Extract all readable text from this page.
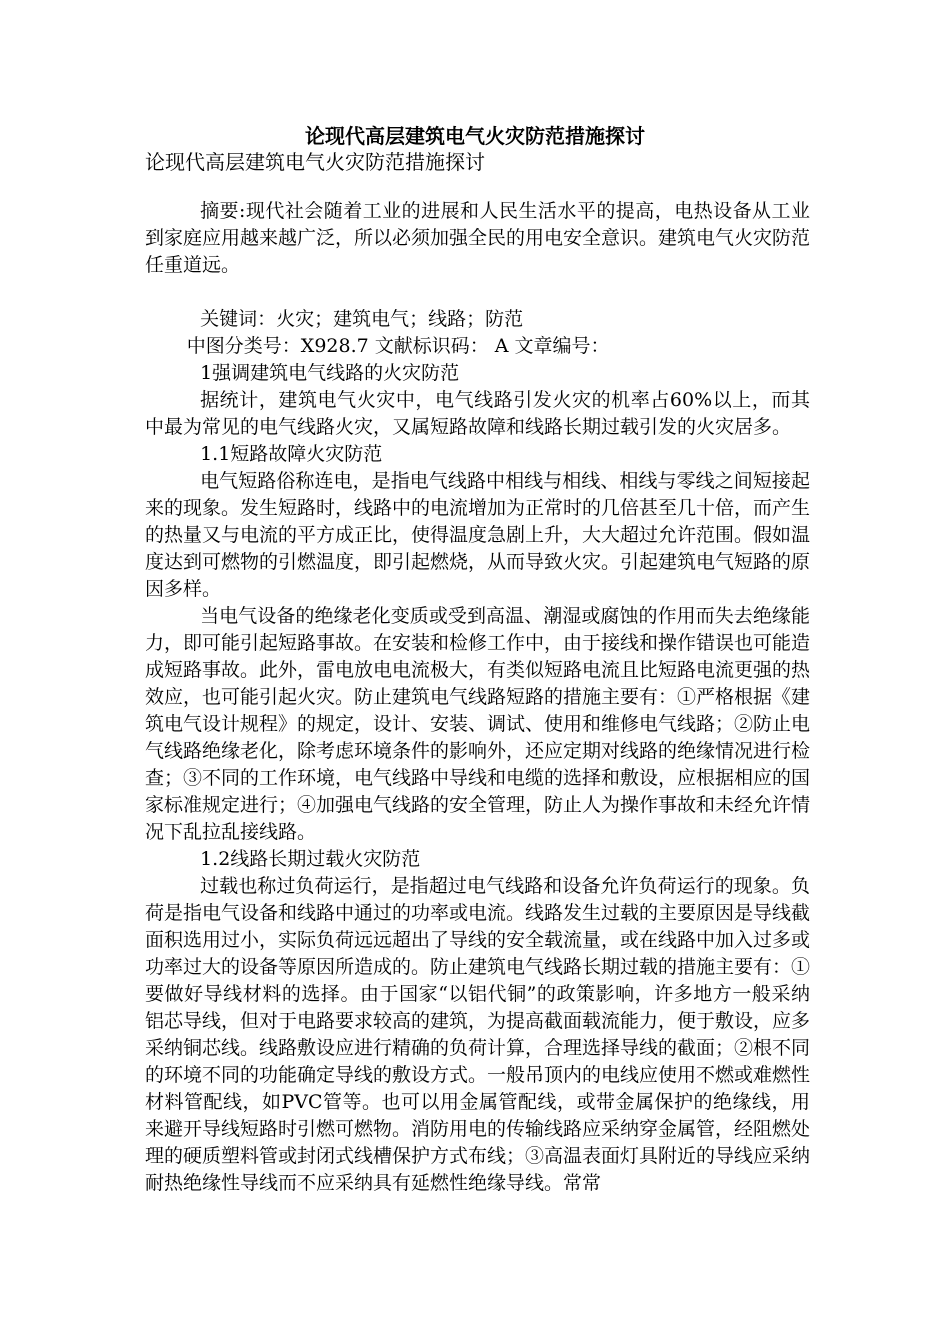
论现代高层建筑电气火灾防范措施探讨
论现代高层建筑电气火灾防范措施探讨

摘要:现代社会随着工业的进展和人民生活水平的提高，电热设备从工业到家庭应用越来越广泛，所以必须加强全民的用电安全意识。建筑电气火灾防范任重道远。

关键词：火灾；建筑电气；线路；防范

中图分类号：X928.7 文献标识码： A 文章编号：

1强调建筑电气线路的火灾防范

据统计，建筑电气火灾中，电气线路引发火灾的机率占60%以上，而其中最为常见的电气线路火灾，又属短路故障和线路长期过载引发的火灾居多。

1.1短路故障火灾防范

电气短路俗称连电，是指电气线路中相线与相线、相线与零线之间短接起来的现象。发生短路时，线路中的电流增加为正常时的几倍甚至几十倍，而产生的热量又与电流的平方成正比，使得温度急剧上升，大大超过允许范围。假如温度达到可燃物的引燃温度，即引起燃烧，从而导致火灾。引起建筑电气短路的原因多样。

当电气设备的绝缘老化变质或受到高温、潮湿或腐蚀的作用而失去绝缘能力，即可能引起短路事故。在安装和检修工作中，由于接线和操作错误也可能造成短路事故。此外，雷电放电电流极大，有类似短路电流且比短路电流更强的热效应，也可能引起火灾。防止建筑电气线路短路的措施主要有：①严格根据《建筑电气设计规程》的规定，设计、安装、调试、使用和维修电气线路；②防止电气线路绝缘老化，除考虑环境条件的影响外，还应定期对线路的绝缘情况进行检查；③不同的工作环境，电气线路中导线和电缆的选择和敷设，应根据相应的国家标准规定进行；④加强电气线路的安全管理，防止人为操作事故和未经允许情况下乱拉乱接线路。

1.2线路长期过载火灾防范

过载也称过负荷运行，是指超过电气线路和设备允许负荷运行的现象。负荷是指电气设备和线路中通过的功率或电流。线路发生过载的主要原因是导线截面积选用过小，实际负荷远远超出了导线的安全载流量，或在线路中加入过多或功率过大的设备等原因所造成的。防止建筑电气线路长期过载的措施主要有：①要做好导线材料的选择。由于国家“以铝代铜”的政策影响，许多地方一般采纳铝芯导线，但对于电路要求较高的建筑，为提高截面载流能力，便于敷设，应多采纳铜芯线。线路敷设应进行精确的负荷计算，合理选择导线的截面；②根不同的环境不同的功能确定导线的敷设方式。一般吊顶内的电线应使用不燃或难燃性材料管配线，如PVC管等。也可以用金属管配线，或带金属保护的绝缘线，用来避开导线短路时引燃可燃物。消防用电的传输线路应采纳穿金属管，经阻燃处理的硬质塑料管或封闭式线槽保护方式布线；③高温表面灯具附近的导线应采纳耐热绝缘性导线而不应采纳具有延燃性绝缘导线。常常
